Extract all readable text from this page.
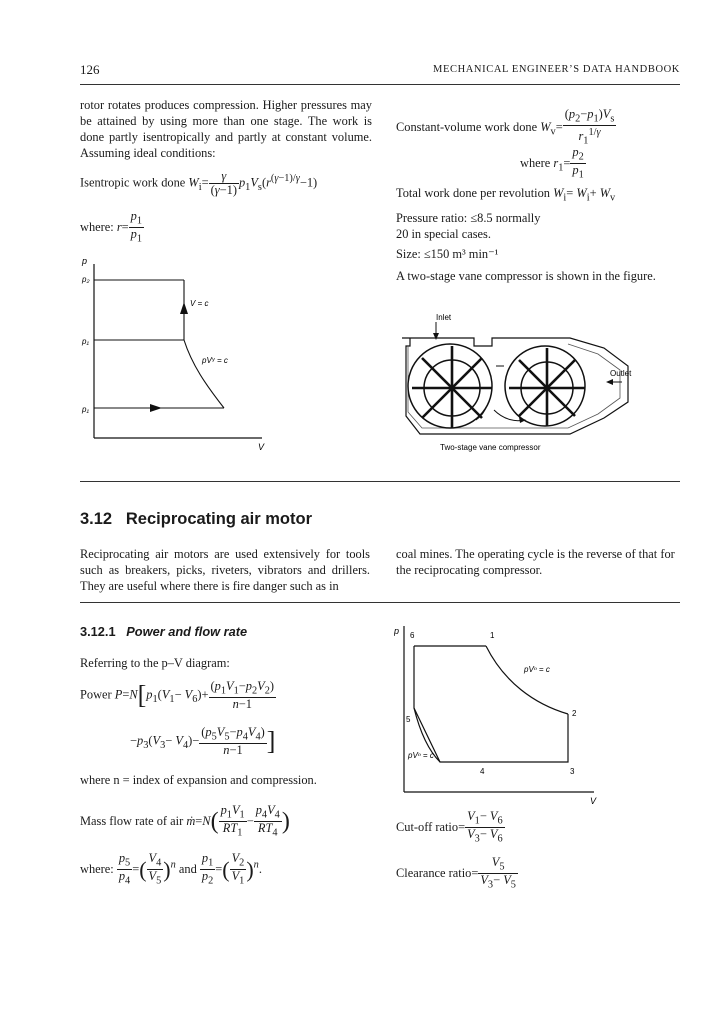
126	MECHANICAL ENGINEER’S DATA HANDBOOK
rotor rotates produces compression. Higher pressures may be attained by using more than one stage. The work is done partly isentropically and partly at constant volume. Assuming ideal conditions:
Isentropic work done $W_i= \frac{\gamma}{(\gamma-1)} p_1V_s(r^{(\gamma-1)/\gamma}-1)$
where: $r= \frac{p_1}{p_1}$
p
V
p₂
p₁
p₁
V = c
pVᵞ = c
Constant-volume work done $W_v= \frac{(p_2-p_1)V_s}{r_1^{1/\gamma}}$
where $r_1= \frac{p_2}{p_1}$
Total work done per revolution $W_i= W_i+ W_v$
Pressure ratio: ≤8.5 normally
20 in special cases.
Size: ≤150 m³ min⁻¹
A two-stage vane compressor is shown in the figure.
Inlet
Outlet
Two-stage vane compressor
3.12 Reciprocating air motor
Reciprocating air motors are used extensively for tools such as breakers, picks, riveters, vibrators and drillers. They are useful where there is fire danger such as in
coal mines. The operating cycle is the reverse of that for the reciprocating compressor.
3.12.1 Power and flow rate
Referring to the p–V diagram:
Power $P=N[p_1(V_1- V_6)+ \frac{(p_1V_1-p_2V_2)}{n-1}$
$-p_3(V_3- V_4)- \frac{(p_5V_5-p_4V_4)}{n-1}$ ]
where n = index of expansion and compression.
Mass flow rate of air ṁ=N( $\frac{p_1V_1}{RT_1} - \frac{p_4V_4}{RT_4}$ )
where: $\frac{p_5}{p_4}$ =( $\frac{V_4}{V_5} )^n$ and $\frac{p_1}{p_2}$ =( $\frac{V_2}{V_1} )^n$.
p
V
6	1
2
3
4
5
pVⁿ = c
pVⁿ = c
Cut-off ratio= $\frac{V_1- V_6}{V_3- V_6}$
Clearance ratio= $\frac{V_5}{V_3- V_5}$
